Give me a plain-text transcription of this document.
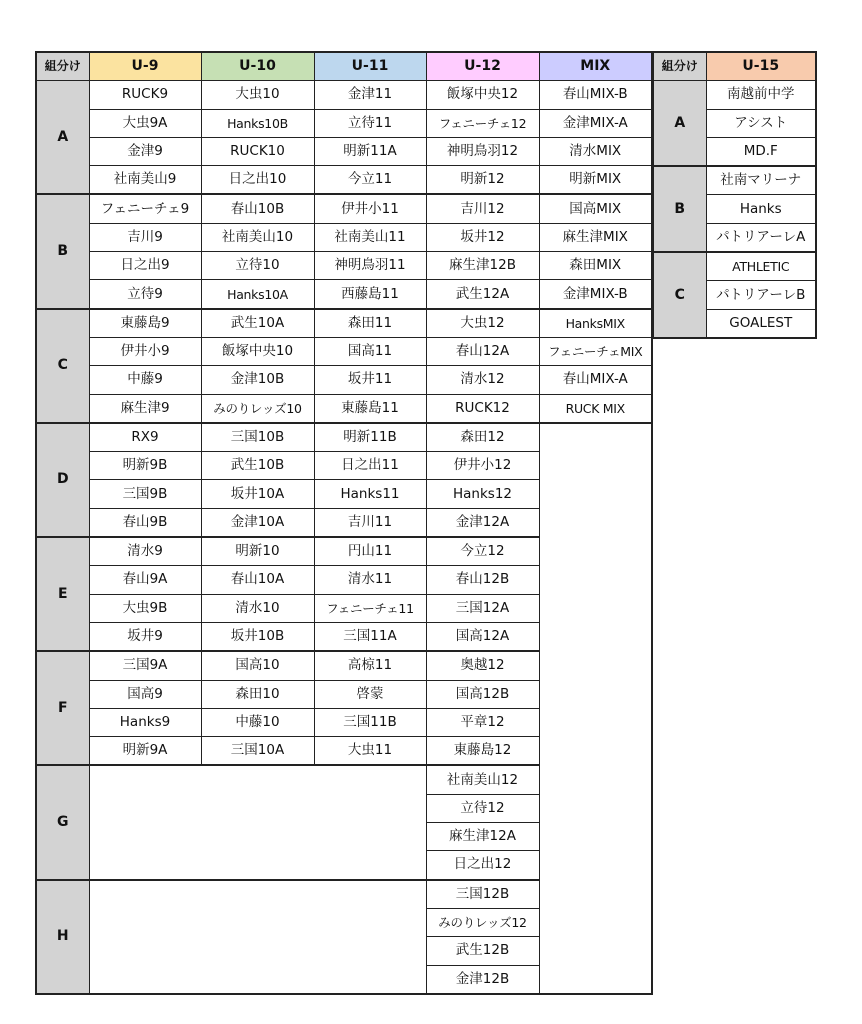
組分け	U-9	U-10	U-11	U-12	MIX
A	RUCK9	大虫10	金津11	飯塚中央12	春山MIX-B
	大虫9A	Hanks10B	立待11	フェニーチェ12	金津MIX-A
	金津9	RUCK10	明新11A	神明鳥羽12	清水MIX
	社南美山9	日之出10	今立11	明新12	明新MIX
B	フェニーチェ9	春山10B	伊井小11	吉川12	国高MIX
	吉川9	社南美山10	社南美山11	坂井12	麻生津MIX
	日之出9	立待10	神明鳥羽11	麻生津12B	森田MIX
	立待9	Hanks10A	西藤島11	武生12A	金津MIX-B
C	東藤島9	武生10A	森田11	大虫12	HanksMIX
	伊井小9	飯塚中央10	国高11	春山12A	フェニーチェMIX
	中藤9	金津10B	坂井11	清水12	春山MIX-A
	麻生津9	みのりレッズ10	東藤島11	RUCK12	RUCK MIX
D	RX9	三国10B	明新11B	森田12	
	明新9B	武生10B	日之出11	伊井小12	
	三国9B	坂井10A	Hanks11	Hanks12	
	春山9B	金津10A	吉川11	金津12A	
E	清水9	明新10	円山11	今立12	
	春山9A	春山10A	清水11	春山12B	
	大虫9B	清水10	フェニーチェ11	三国12A	
	坂井9	坂井10B	三国11A	国高12A	
F	三国9A	国高10	高椋11	奥越12	
	国高9	森田10	啓蒙	国高12B	
	Hanks9	中藤10	三国11B	平章12	
	明新9A	三国10A	大虫11	東藤島12	
G				社南美山12	
				立待12	
				麻生津12A	
				日之出12	
H				三国12B	
				みのりレッズ12	
				武生12B	
				金津12B	
組分け	U-15
A	南越前中学
	アシスト
	MD.F
B	社南マリーナ
	Hanks
	パトリアーレA
C	ATHLETIC
	パトリアーレB
	GOALEST
